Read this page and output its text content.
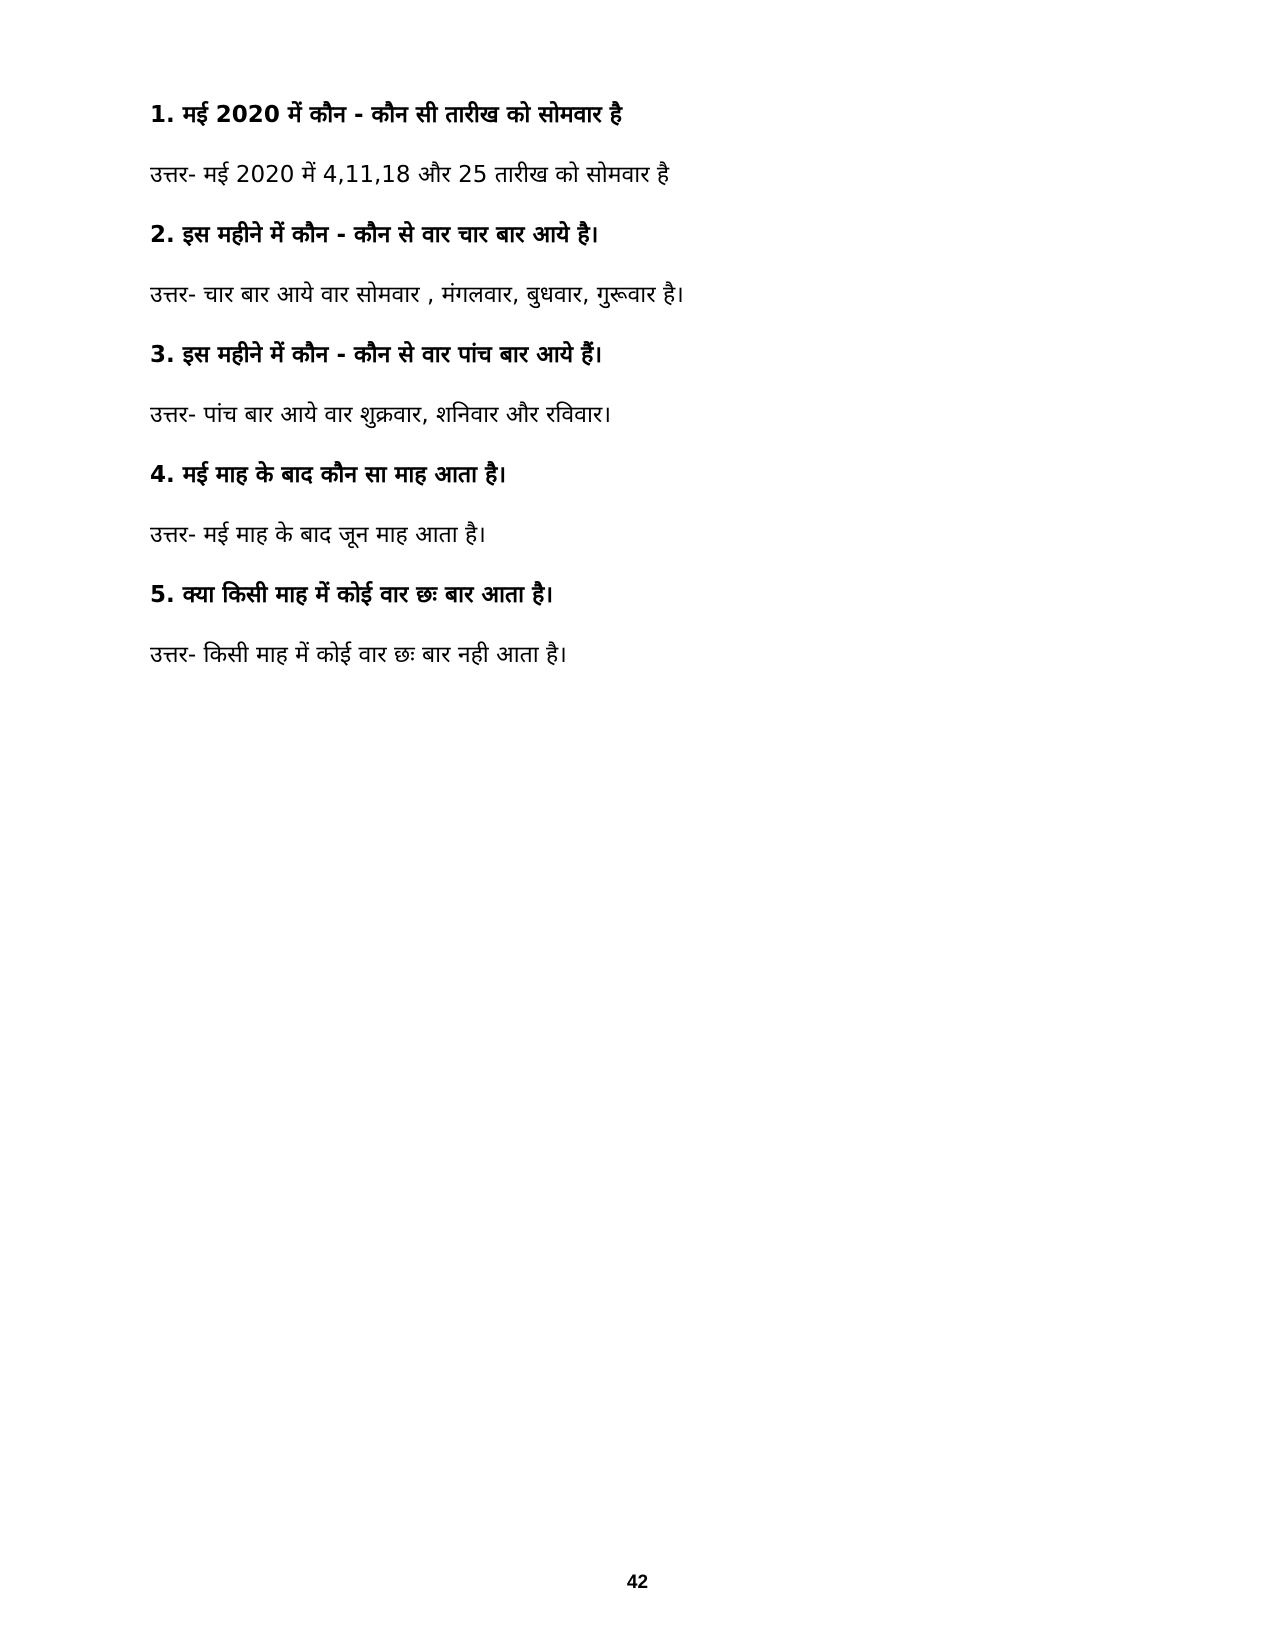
1. मई 2020 में कौन - कौन सी तारीख को सोमवार है

उत्तर- मई 2020 में 4,11,18 और 25 तारीख को सोमवार है

2. इस महीने में कौन - कौन से वार चार बार आये है।

उत्तर- चार बार आये वार सोमवार , मंगलवार, बुधवार, गुरूवार है।

3. इस महीने में कौन - कौन से वार पांच बार आये हैं।

उत्तर- पांच बार आये वार शुक्रवार, शनिवार और रविवार।

4. मई माह के बाद कौन सा माह आता है।

उत्तर- मई माह के बाद जून माह आता है।

5. क्या किसी माह में कोई वार छः बार आता है।

उत्तर- किसी माह में कोई वार छः बार नही आता है।

42
